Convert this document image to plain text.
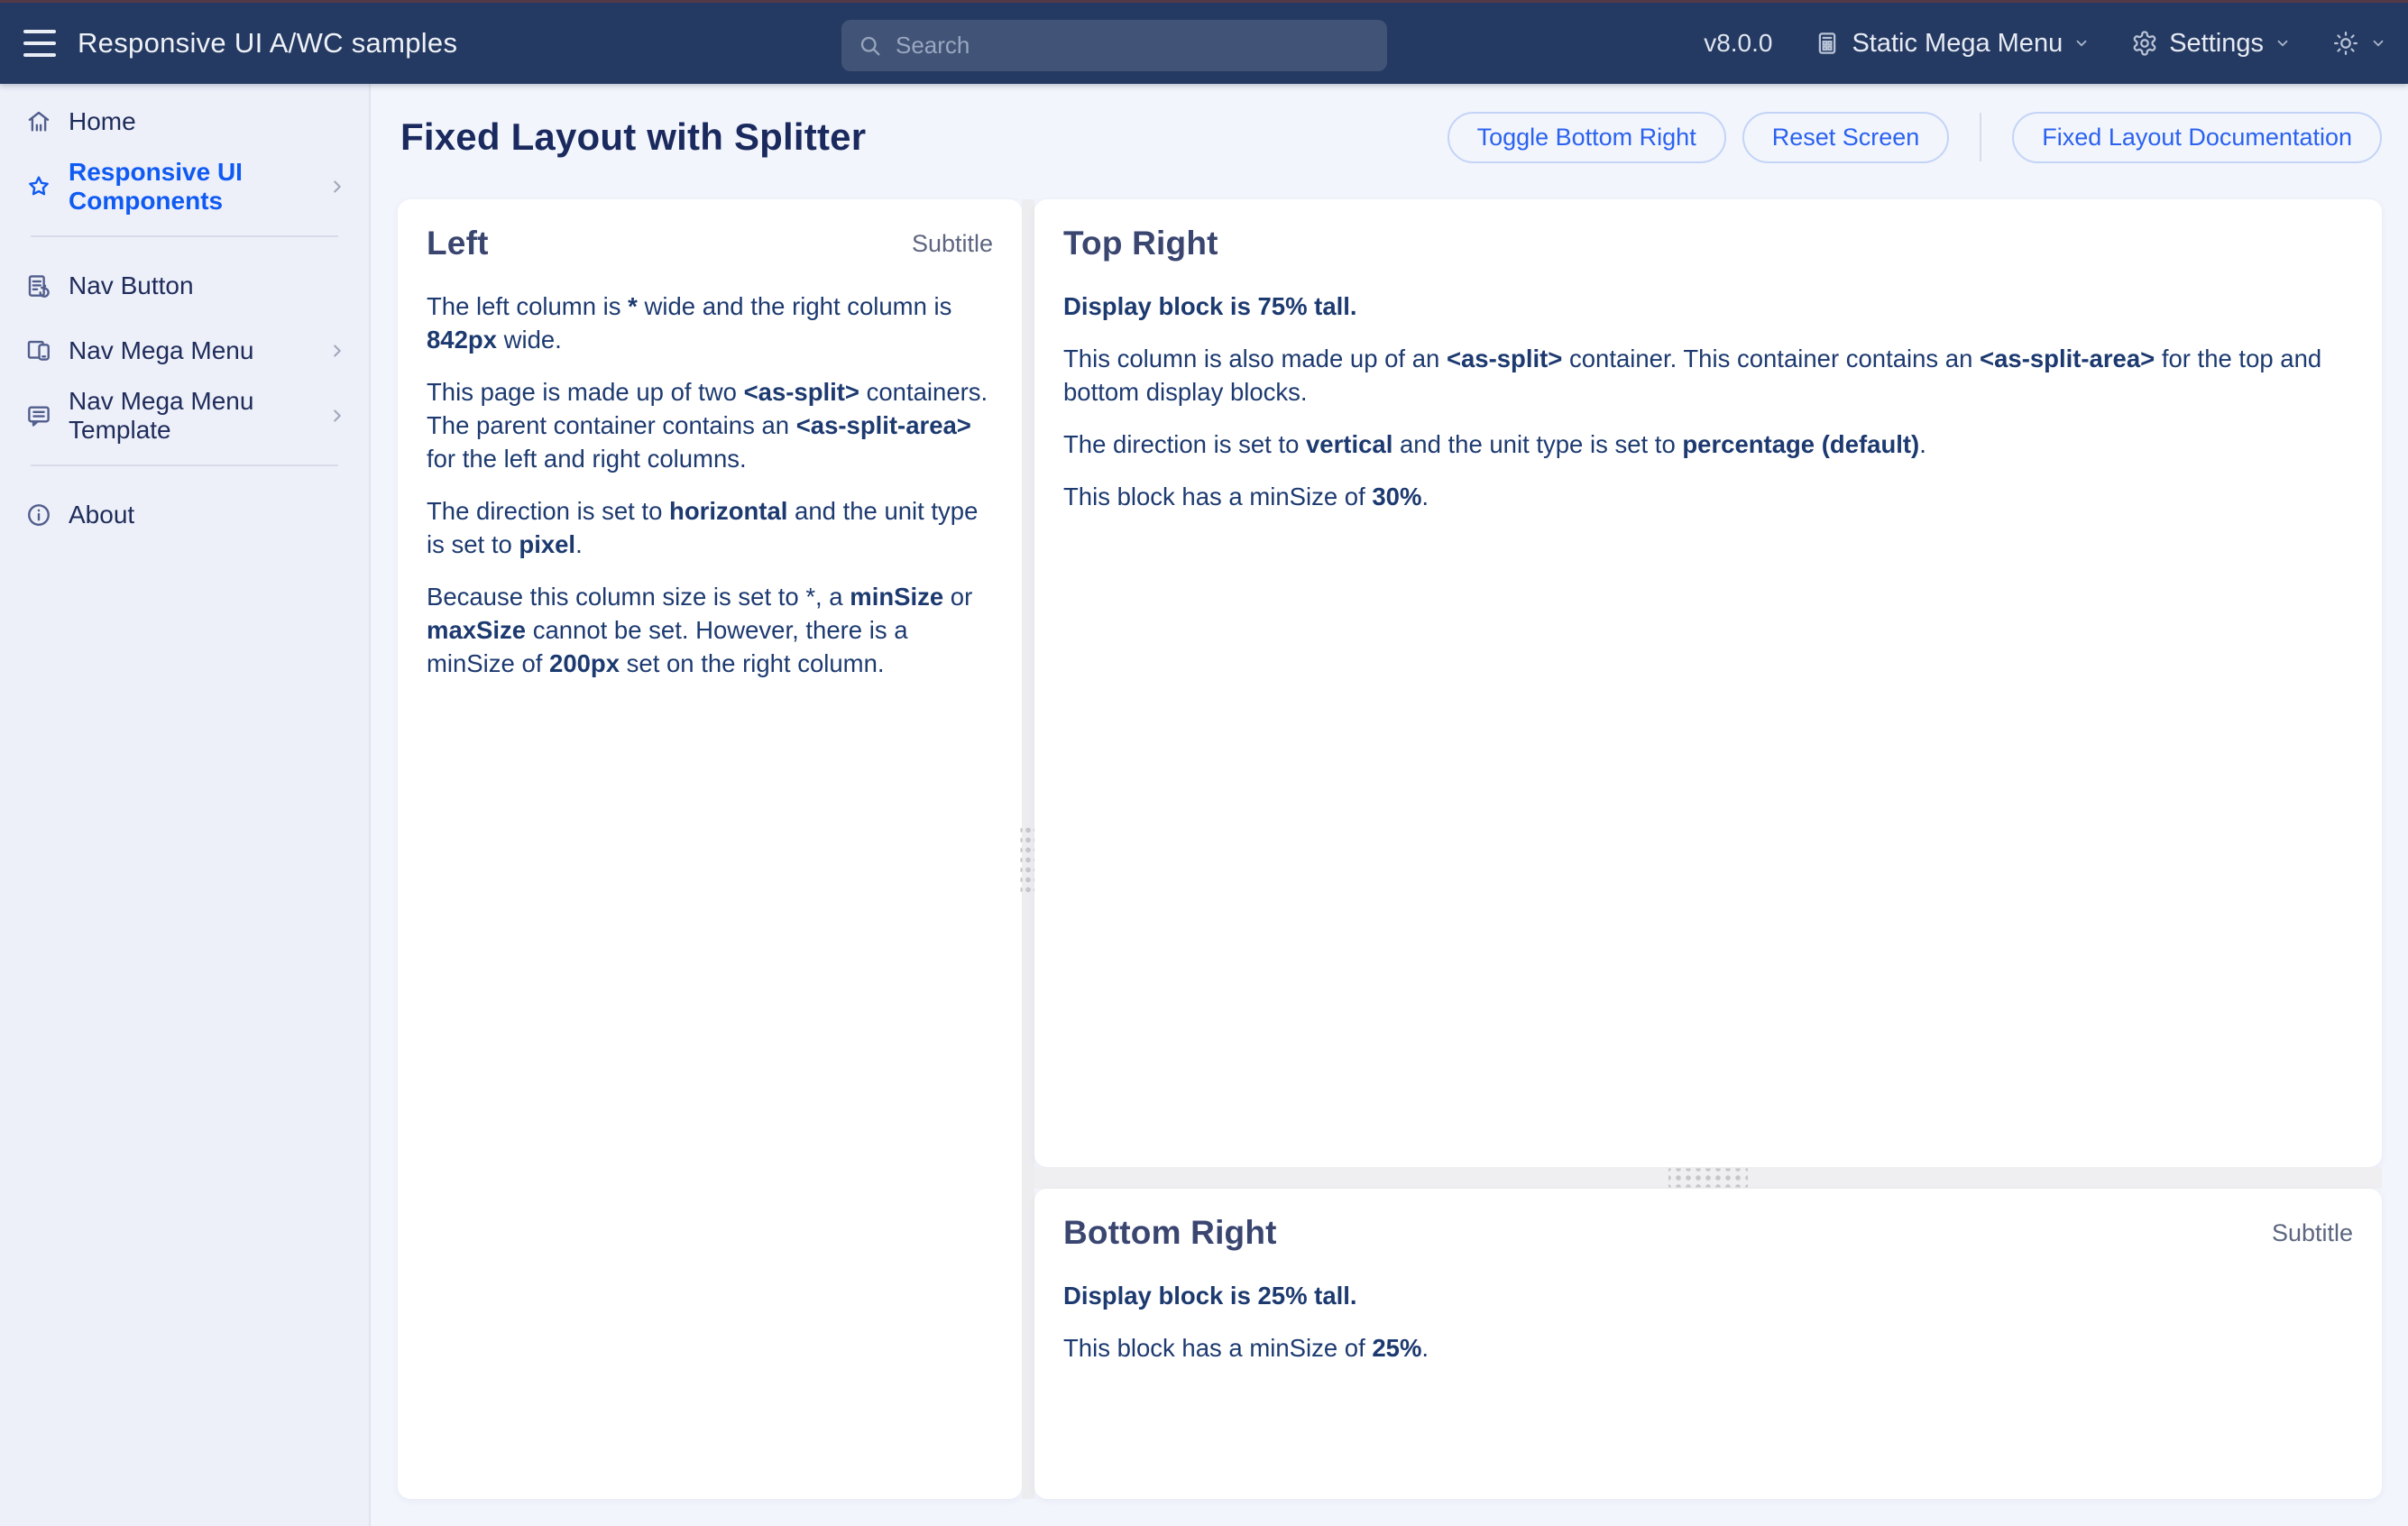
Responsive UI A/WC samples
Search	v8.0.0	Static Mega Menu	Settings
Home
Responsive UI Components
Nav Button
Nav Mega Menu
Nav Mega Menu Template
About
Fixed Layout with Splitter	Toggle Bottom Right	Reset Screen	Fixed Layout Documentation
Left	Subtitle

The left column is * wide and the right column is 842px wide.

This page is made up of two <as-split> containers. The parent container contains an <as-split-area> for the left and right columns.

The direction is set to horizontal and the unit type is set to pixel.

Because this column size is set to *, a minSize or maxSize cannot be set. However, there is a minSize of 200px set on the right column.

Top Right

Display block is 75% tall.

This column is also made up of an <as-split> container. This container contains an <as-split-area> for the top and bottom display blocks.

The direction is set to vertical and the unit type is set to percentage (default).

This block has a minSize of 30%.

Bottom Right	Subtitle

Display block is 25% tall.

This block has a minSize of 25%.
